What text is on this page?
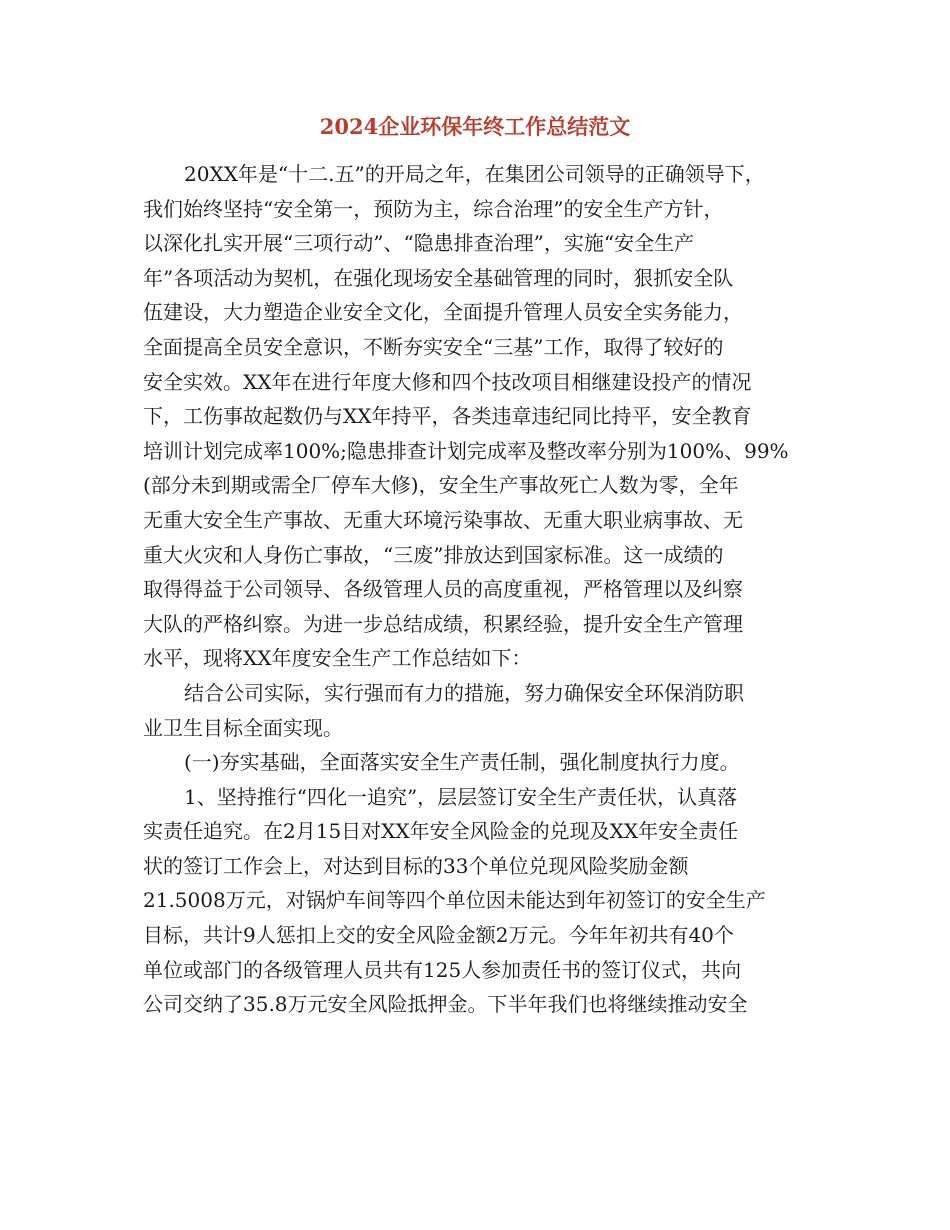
2024企业环保年终工作总结范文
20XX年是“十二.五”的开局之年，在集团公司领导的正确领导下，
我们始终坚持“安全第一，预防为主，综合治理”的安全生产方针，
以深化扎实开展“三项行动”、“隐患排查治理”，实施“安全生产
年”各项活动为契机，在强化现场安全基础管理的同时，狠抓安全队
伍建设，大力塑造企业安全文化，全面提升管理人员安全实务能力，
全面提高全员安全意识，不断夯实安全“三基”工作，取得了较好的
安全实效。XX年在进行年度大修和四个技改项目相继建设投产的情况
下，工伤事故起数仍与XX年持平，各类违章违纪同比持平，安全教育
培训计划完成率100%;隐患排查计划完成率及整改率分别为100%、99%
(部分未到期或需全厂停车大修)，安全生产事故死亡人数为零，全年
无重大安全生产事故、无重大环境污染事故、无重大职业病事故、无
重大火灾和人身伤亡事故，“三废”排放达到国家标准。这一成绩的
取得得益于公司领导、各级管理人员的高度重视，严格管理以及纠察
大队的严格纠察。为进一步总结成绩，积累经验，提升安全生产管理
水平，现将XX年度安全生产工作总结如下：
结合公司实际，实行强而有力的措施，努力确保安全环保消防职
业卫生目标全面实现。
(一)夯实基础，全面落实安全生产责任制，强化制度执行力度。
1、坚持推行“四化一追究”，层层签订安全生产责任状，认真落
实责任追究。在2月15日对XX年安全风险金的兑现及XX年安全责任
状的签订工作会上，对达到目标的33个单位兑现风险奖励金额
21.5008万元，对锅炉车间等四个单位因未能达到年初签订的安全生产
目标，共计9人惩扣上交的安全风险金额2万元。今年年初共有40个
单位或部门的各级管理人员共有125人参加责任书的签订仪式，共向
公司交纳了35.8万元安全风险抵押金。下半年我们也将继续推动安全
